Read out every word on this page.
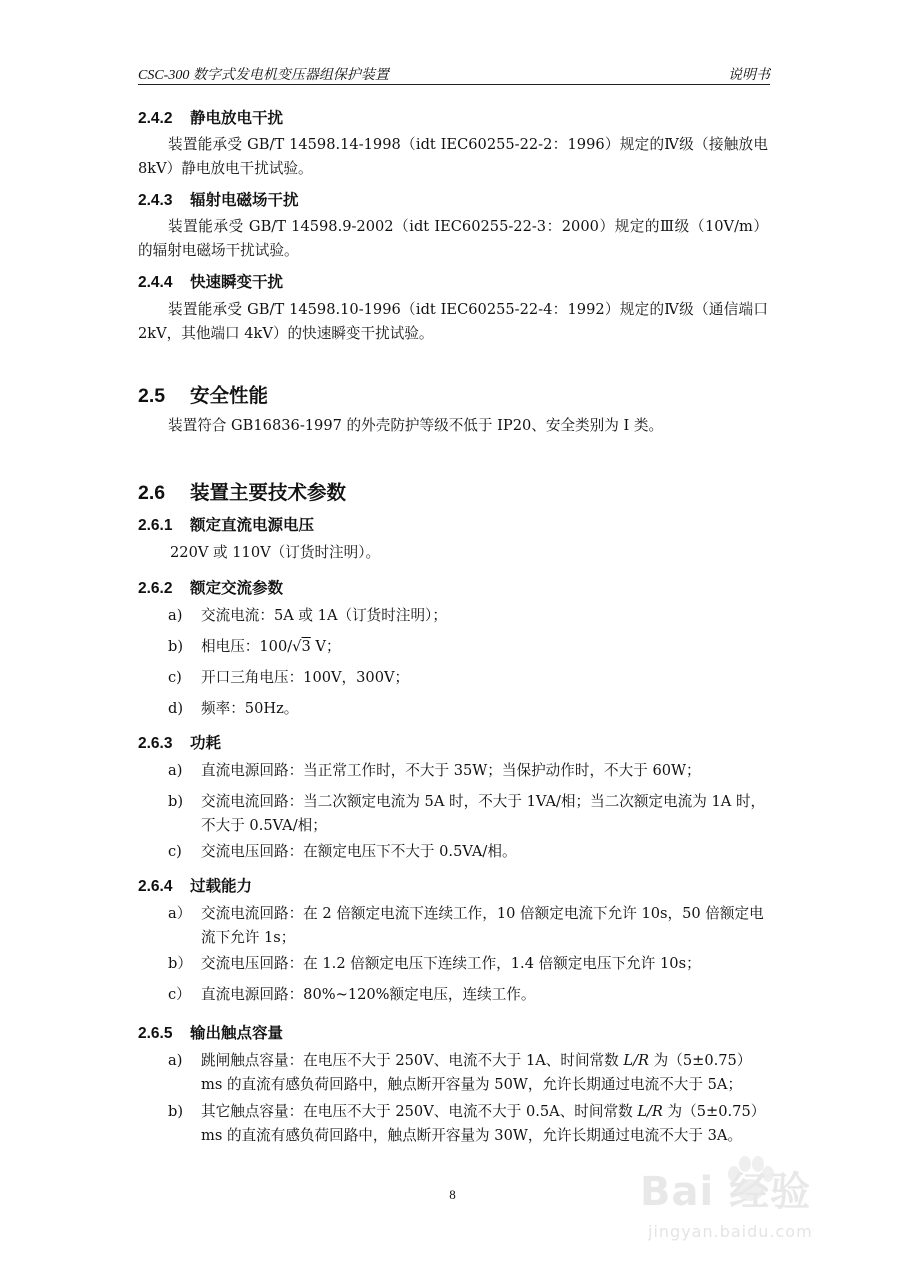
CSC-300 数字式发电机变压器组保护装置	说明书
2.4.2 静电放电干扰
装置能承受 GB/T 14598.14-1998（idt IEC60255-22-2：1996）规定的Ⅳ级（接触放电 8kV）静电放电干扰试验。
2.4.3 辐射电磁场干扰
装置能承受 GB/T 14598.9-2002（idt IEC60255-22-3：2000）规定的Ⅲ级（10V/m）的辐射电磁场干扰试验。
2.4.4 快速瞬变干扰
装置能承受 GB/T 14598.10-1996（idt IEC60255-22-4：1992）规定的Ⅳ级（通信端口 2kV，其他端口 4kV）的快速瞬变干扰试验。
2.5 安全性能
装置符合 GB16836-1997 的外壳防护等级不低于 IP20、安全类别为 I 类。
2.6 装置主要技术参数
2.6.1 额定直流电源电压
220V 或 110V（订货时注明）。
2.6.2 额定交流参数
a) 交流电流：5A 或 1A（订货时注明）；
b) 相电压：100/√3 V；
c) 开口三角电压：100V，300V；
d) 频率：50Hz。
2.6.3 功耗
a) 直流电源回路：当正常工作时，不大于 35W；当保护动作时，不大于 60W；
b) 交流电流回路：当二次额定电流为 5A 时，不大于 1VA/相；当二次额定电流为 1A 时，不大于 0.5VA/相；
c) 交流电压回路：在额定电压下不大于 0.5VA/相。
2.6.4 过载能力
a） 交流电流回路：在 2 倍额定电流下连续工作，10 倍额定电流下允许 10s，50 倍额定电流下允许 1s；
b） 交流电压回路：在 1.2 倍额定电压下连续工作，1.4 倍额定电压下允许 10s；
c） 直流电源回路：80%~120%额定电压，连续工作。
2.6.5 输出触点容量
a) 跳闸触点容量：在电压不大于 250V、电流不大于 1A、时间常数 L/R 为（5±0.75）ms 的直流有感负荷回路中，触点断开容量为 50W，允许长期通过电流不大于 5A；
b) 其它触点容量：在电压不大于 250V、电流不大于 0.5A、时间常数 L/R 为（5±0.75）ms 的直流有感负荷回路中，触点断开容量为 30W，允许长期通过电流不大于 3A。
8	Bai 经验
jingyan.baidu.com
